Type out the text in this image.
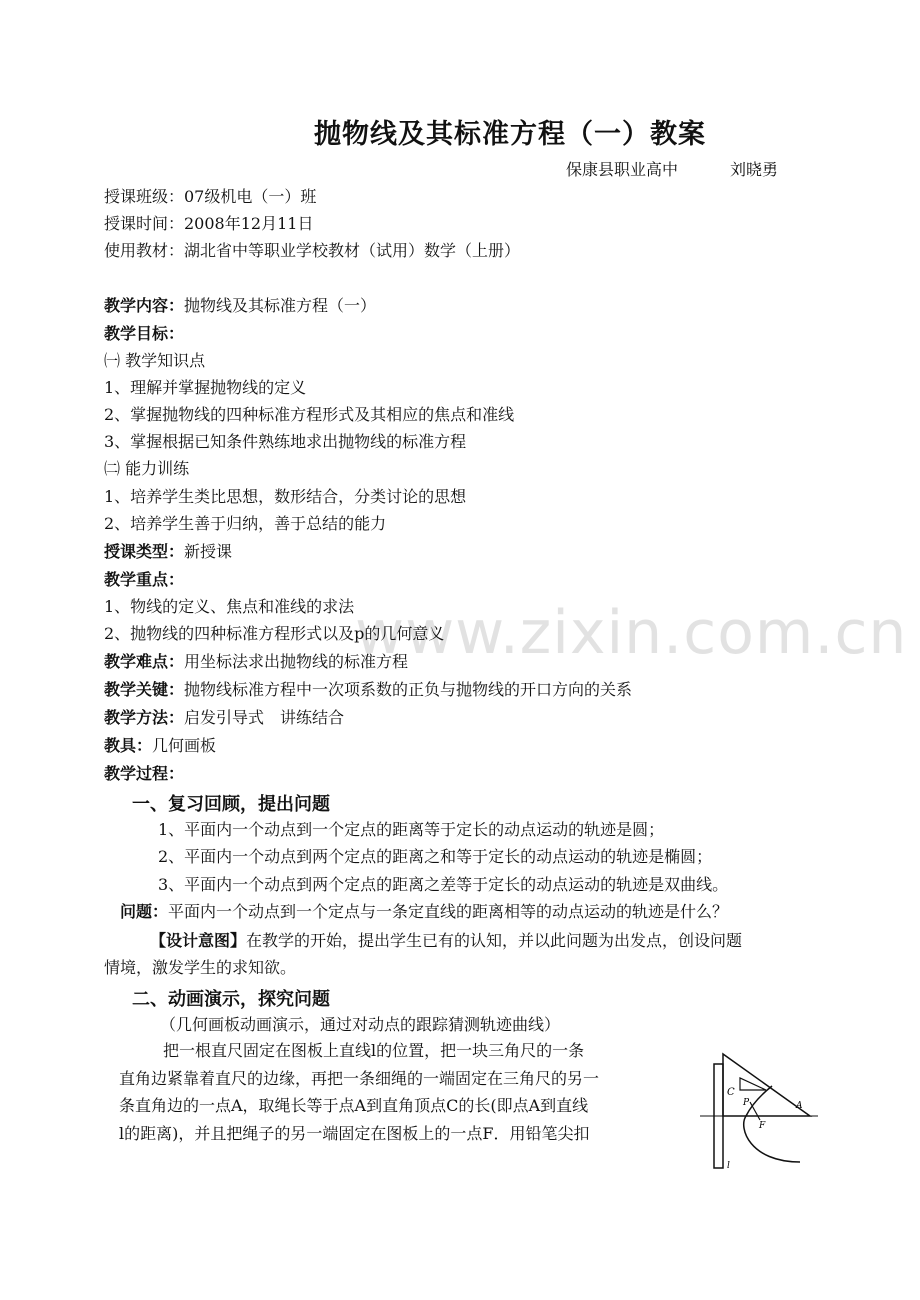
www.zixin.com.cn
抛物线及其标准方程（一）教案
保康县职业高中	刘晓勇
授课班级：07级机电（一）班
授课时间：2008年12月11日
使用教材：湖北省中等职业学校教材（试用）数学（上册）
教学内容：抛物线及其标准方程（一）
教学目标：
㈠ 教学知识点
1、理解并掌握抛物线的定义
2、掌握抛物线的四种标准方程形式及其相应的焦点和准线
3、掌握根据已知条件熟练地求出抛物线的标准方程
㈡ 能力训练
1、培养学生类比思想，数形结合，分类讨论的思想
2、培养学生善于归纳，善于总结的能力
授课类型：新授课
教学重点：
1、物线的定义、焦点和准线的求法
2、抛物线的四种标准方程形式以及p的几何意义
教学难点：用坐标法求出抛物线的标准方程
教学关键：抛物线标准方程中一次项系数的正负与抛物线的开口方向的关系
教学方法：启发引导式　讲练结合
教具：几何画板
教学过程：
一、复习回顾，提出问题
1、平面内一个动点到一个定点的距离等于定长的动点运动的轨迹是圆；
2、平面内一个动点到两个定点的距离之和等于定长的动点运动的轨迹是椭圆；
3、平面内一个动点到两个定点的距离之差等于定长的动点运动的轨迹是双曲线。
问题：平面内一个动点到一个定点与一条定直线的距离相等的动点运动的轨迹是什么？
【设计意图】在教学的开始，提出学生已有的认知，并以此问题为出发点，创设问题
情境，激发学生的求知欲。
二、动画演示，探究问题
（几何画板动画演示，通过对动点的跟踪猜测轨迹曲线）
把一根直尺固定在图板上直线l的位置，把一块三角尺的一条
直角边紧靠着直尺的边缘，再把一条细绳的一端固定在三角尺的另一
条直角边的一点A，取绳长等于点A到直角顶点C的长(即点A到直线
l的距离)，并且把绳子的另一端固定在图板上的一点F．用铅笔尖扣
C
P	A
F
l
